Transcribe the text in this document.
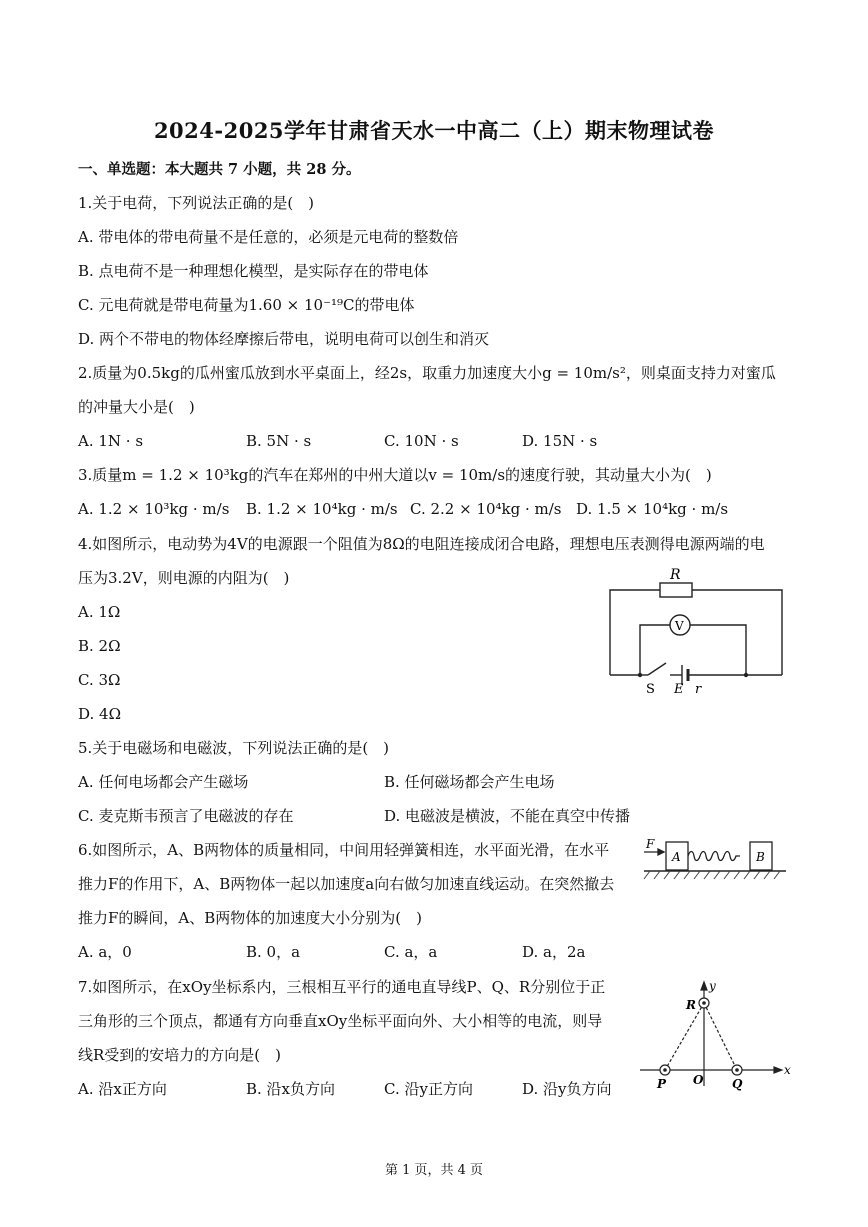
2024-2025学年甘肃省天水一中高二（上）期末物理试卷
一、单选题：本大题共 7 小题，共 28 分。
1.关于电荷，下列说法正确的是(　)
A. 带电体的带电荷量不是任意的，必须是元电荷的整数倍
B. 点电荷不是一种理想化模型，是实际存在的带电体
C. 元电荷就是带电荷量为1.60 × 10⁻¹⁹C的带电体
D. 两个不带电的物体经摩擦后带电，说明电荷可以创生和消灭
2.质量为0.5kg的瓜州蜜瓜放到水平桌面上，经2s，取重力加速度大小g = 10m/s²，则桌面支持力对蜜瓜
的冲量大小是(　)
A. 1N · s	B. 5N · s	C. 10N · s	D. 15N · s
3.质量m = 1.2 × 10³kg的汽车在郑州的中州大道以v = 10m/s的速度行驶，其动量大小为(　)
A. 1.2 × 10³kg · m/s B. 1.2 × 10⁴kg · m/s C. 2.2 × 10⁴kg · m/s D. 1.5 × 10⁴kg · m/s
4.如图所示，电动势为4V的电源跟一个阻值为8Ω的电阻连接成闭合电路，理想电压表测得电源两端的电
压为3.2V，则电源的内阻为(　)
A. 1Ω
B. 2Ω
C. 3Ω
D. 4Ω
R
V
S E r
5.关于电磁场和电磁波，下列说法正确的是(　)
A. 任何电场都会产生磁场	B. 任何磁场都会产生电场
C. 麦克斯韦预言了电磁波的存在	D. 电磁波是横波，不能在真空中传播
6.如图所示，A、B两物体的质量相同，中间用轻弹簧相连，水平面光滑，在水平
推力F的作用下，A、B两物体一起以加速度a向右做匀加速直线运动。在突然撤去
推力F的瞬间，A、B两物体的加速度大小分别为(　)
A. a，0	B. 0，a	C. a，a	D. a，2a
F
A	B
7.如图所示，在xOy坐标系内，三根相互平行的通电直导线P、Q、R分别位于正
三角形的三个顶点，都通有方向垂直xOy坐标平面向外、大小相等的电流，则导
线R受到的安培力的方向是(　)
A. 沿x正方向	B. 沿x负方向	C. 沿y正方向	D. 沿y负方向
y
x
R
P O Q
第 1 页，共 4 页
